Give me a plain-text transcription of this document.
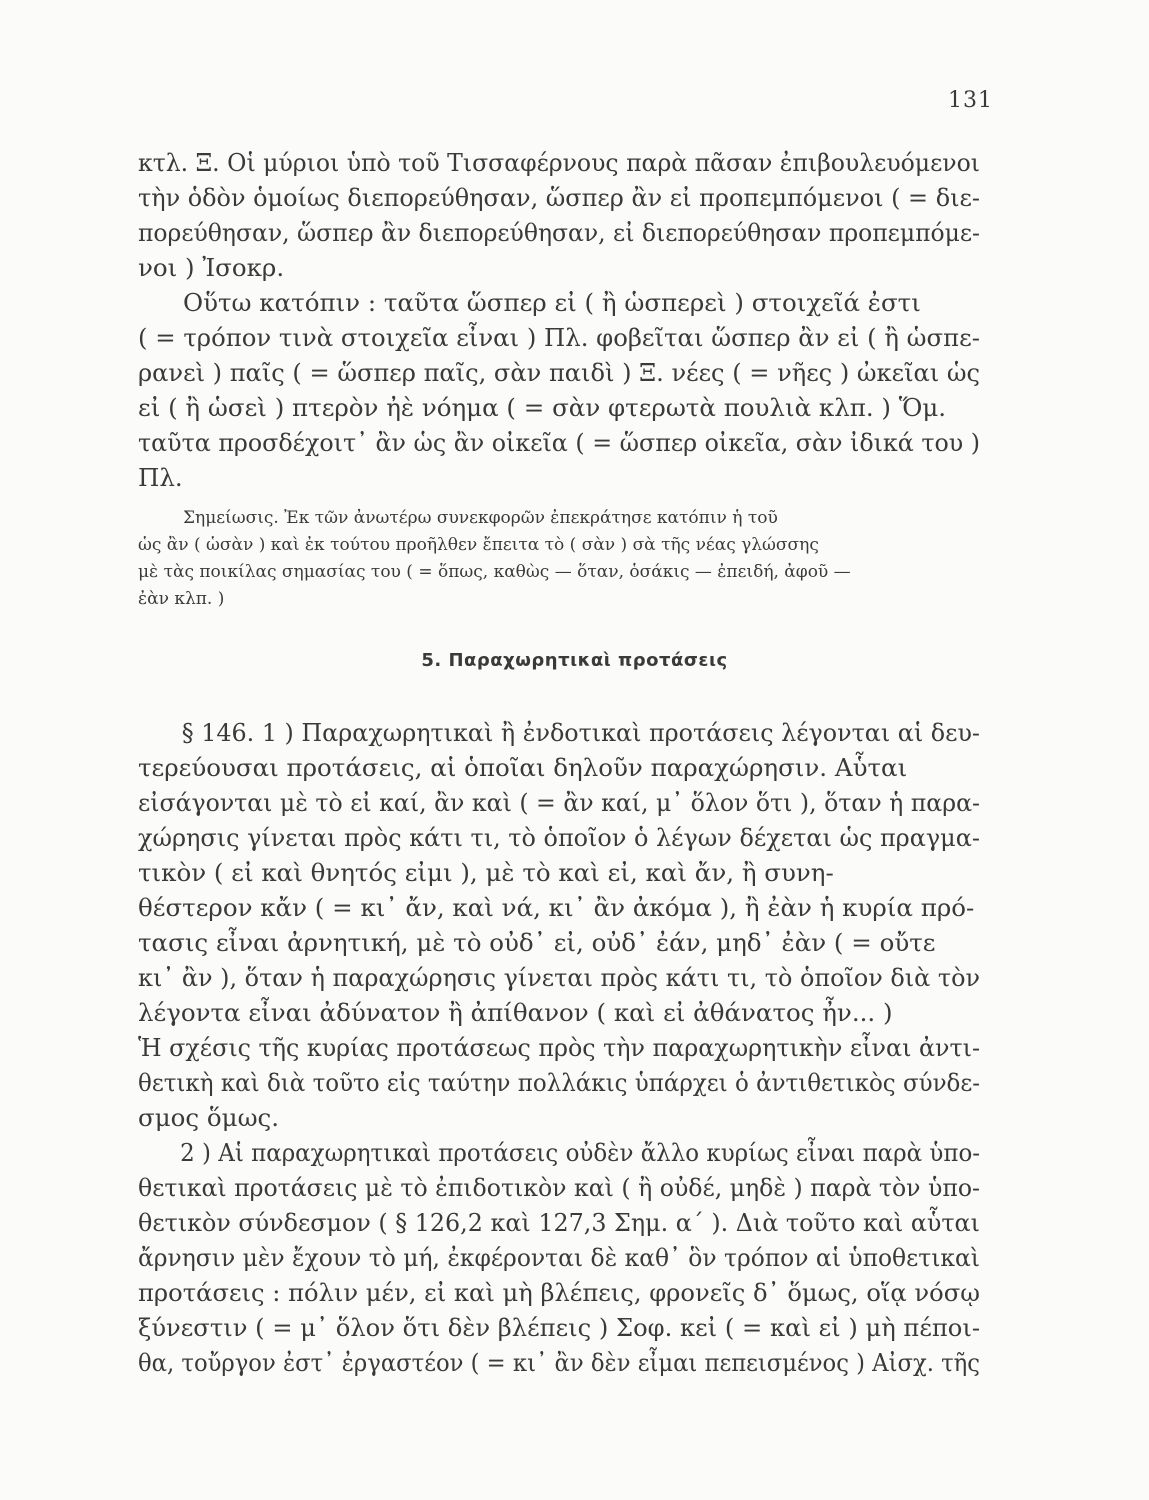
131
κτλ. Ξ. Οἱ μύριοι ὑπὸ τοῦ Τισσαφέρνους παρὰ πᾶσαν ἐπιβουλευόμενοι
τὴν ὁδὸν ὁμοίως διεπορεύθησαν, ὥσπερ ἂν εἰ προπεμπόμενοι ( = διε-
πορεύθησαν, ὥσπερ ἂν διεπορεύθησαν, εἰ διεπορεύθησαν προπεμπόμε-
νοι ) Ἰσοκρ.
Οὕτω κατόπιν : ταῦτα ὥσπερ εἰ ( ἢ ὡσπερεὶ ) στοιχεῖά ἐστι
( = τρόπον τινὰ στοιχεῖα εἶναι ) Πλ. φοβεῖται ὥσπερ ἂν εἰ ( ἢ ὡσπε-
ρανεὶ ) παῖς ( = ὥσπερ παῖς, σὰν παιδὶ ) Ξ. νέες ( = νῆες ) ὠκεῖαι ὡς
εἰ ( ἢ ὡσεὶ ) πτερὸν ἠὲ νόημα ( = σὰν φτερωτὰ πουλιὰ κλπ. ) Ὅμ.
ταῦτα προσδέχοιτ᾽ ἂν ὡς ἂν οἰκεῖα ( = ὥσπερ οἰκεῖα, σὰν ἰδικά του )
Πλ.
Σημείωσις. Ἐκ τῶν ἀνωτέρω συνεκφορῶν ἐπεκράτησε κατόπιν ἡ τοῦ
ὡς ἂν ( ὡσὰν ) καὶ ἐκ τούτου προῆλθεν ἔπειτα τὸ ( σὰν ) σὰ τῆς νέας γλώσσης
μὲ τὰς ποικίλας σημασίας του ( = ὅπως, καθὼς — ὅταν, ὁσάκις — ἐπειδή, ἀφοῦ —
ἐὰν κλπ. )
5. Παραχωρητικαὶ προτάσεις
§ 146. 1 ) Παραχωρητικαὶ ἢ ἐνδοτικαὶ προτάσεις λέγονται αἱ δευ-
τερεύουσαι προτάσεις, αἱ ὁποῖαι δηλοῦν παραχώρησιν. Αὗται
εἰσάγονται μὲ τὸ εἰ καί, ἂν καὶ ( = ἂν καί, μ᾽ ὅλον ὅτι ), ὅταν ἡ παρα-
χώρησις γίνεται πρὸς κάτι τι, τὸ ὁποῖον ὁ λέγων δέχεται ὡς πραγμα-
τικὸν ( εἰ καὶ θνητός εἰμι ), μὲ τὸ καὶ εἰ, καὶ ἄν, ἢ συνη-
θέστερον κἄν ( = κι᾽ ἄν, καὶ νά, κι᾽ ἂν ἀκόμα ), ἢ ἐὰν ἡ κυρία πρό-
τασις εἶναι ἀρνητική, μὲ τὸ οὐδ᾽ εἰ, οὐδ᾽ ἐάν, μηδ᾽ ἐὰν ( = οὔτε
κι᾽ ἂν ), ὅταν ἡ παραχώρησις γίνεται πρὸς κάτι τι, τὸ ὁποῖον διὰ τὸν
λέγοντα εἶναι ἀδύνατον ἢ ἀπίθανον ( καὶ εἰ ἀθάνατος ἦν... )
Ἡ σχέσις τῆς κυρίας προτάσεως πρὸς τὴν παραχωρητικὴν εἶναι ἀντι-
θετικὴ καὶ διὰ τοῦτο εἰς ταύτην πολλάκις ὑπάρχει ὁ ἀντιθετικὸς σύνδε-
σμος ὅμως.
2 ) Αἱ παραχωρητικαὶ προτάσεις οὐδὲν ἄλλο κυρίως εἶναι παρὰ ὑπο-
θετικαὶ προτάσεις μὲ τὸ ἐπιδοτικὸν καὶ ( ἢ οὐδέ, μηδὲ ) παρὰ τὸν ὑπο-
θετικὸν σύνδεσμον ( § 126,2 καὶ 127,3 Σημ. α΄ ). Διὰ τοῦτο καὶ αὗται
ἄρνησιν μὲν ἔχουν τὸ μή, ἐκφέρονται δὲ καθ᾽ ὃν τρόπον αἱ ὑποθετικαὶ
προτάσεις : πόλιν μέν, εἰ καὶ μὴ βλέπεις, φρονεῖς δ᾽ ὅμως, οἵᾳ νόσῳ
ξύνεστιν ( = μ᾽ ὅλον ὅτι δὲν βλέπεις ) Σοφ. κεἰ ( = καὶ εἰ ) μὴ πέποι-
θα, τοὔργον ἐστ᾽ ἐργαστέον ( = κι᾽ ἂν δὲν εἶμαι πεπεισμένος ) Αἰσχ. τῆς
